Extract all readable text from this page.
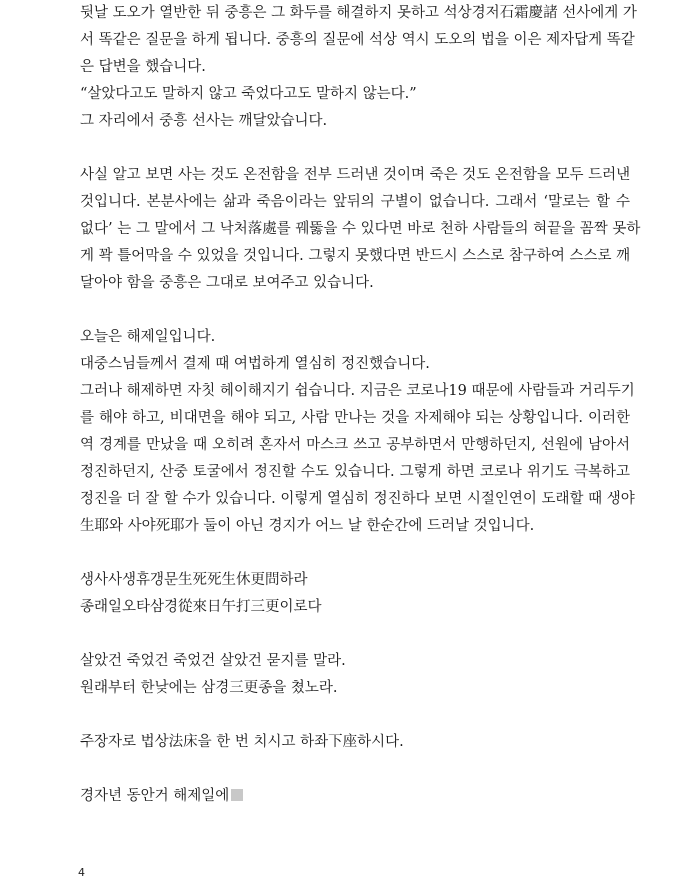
뒷날 도오가 열반한 뒤 중흥은 그 화두를 해결하지 못하고 석상경저石霜慶諸 선사에게 가
서 똑같은 질문을 하게 됩니다. 중흥의 질문에 석상 역시 도오의 법을 이은 제자답게 똑같
은 답변을 했습니다.
“살았다고도 말하지 않고 죽었다고도 말하지 않는다.”
그 자리에서 중흥 선사는 깨달았습니다.
사실 알고 보면 사는 것도 온전함을 전부 드러낸 것이며 죽은 것도 온전함을 모두 드러낸
것입니다. 본분사에는 삶과 죽음이라는 앞뒤의 구별이 없습니다. 그래서 ‘말로는 할 수
없다’ 는 그 말에서 그 낙처落處를 꿰뚫을 수 있다면 바로 천하 사람들의 혀끝을 꼼짝 못하
게 꽉 틀어막을 수 있었을 것입니다. 그렇지 못했다면 반드시 스스로 참구하여 스스로 깨
달아야 함을 중흥은 그대로 보여주고 있습니다.
오늘은 해제일입니다.
대중스님들께서 결제 때 여법하게 열심히 정진했습니다.
그러나 해제하면 자칫 헤이해지기 쉽습니다. 지금은 코로나19 때문에 사람들과 거리두기
를 해야 하고, 비대면을 해야 되고, 사람 만나는 것을 자제해야 되는 상황입니다. 이러한
역 경계를 만났을 때 오히려 혼자서 마스크 쓰고 공부하면서 만행하던지, 선원에 남아서
정진하던지, 산중 토굴에서 정진할 수도 있습니다. 그렇게 하면 코로나 위기도 극복하고
정진을 더 잘 할 수가 있습니다. 이렇게 열심히 정진하다 보면 시절인연이 도래할 때 생야
生耶와 사야死耶가 둘이 아닌 경지가 어느 날 한순간에 드러날 것입니다.
생사사생휴갱문生死死生休更問하라
종래일오타삼경從來日午打三更이로다
살았건 죽었건 죽었건 살았건 묻지를 말라.
원래부터 한낮에는 삼경三更종을 쳤노라.
주장자로 법상法床을 한 번 치시고 하좌下座하시다.
경자년 동안거 해제일에
4
